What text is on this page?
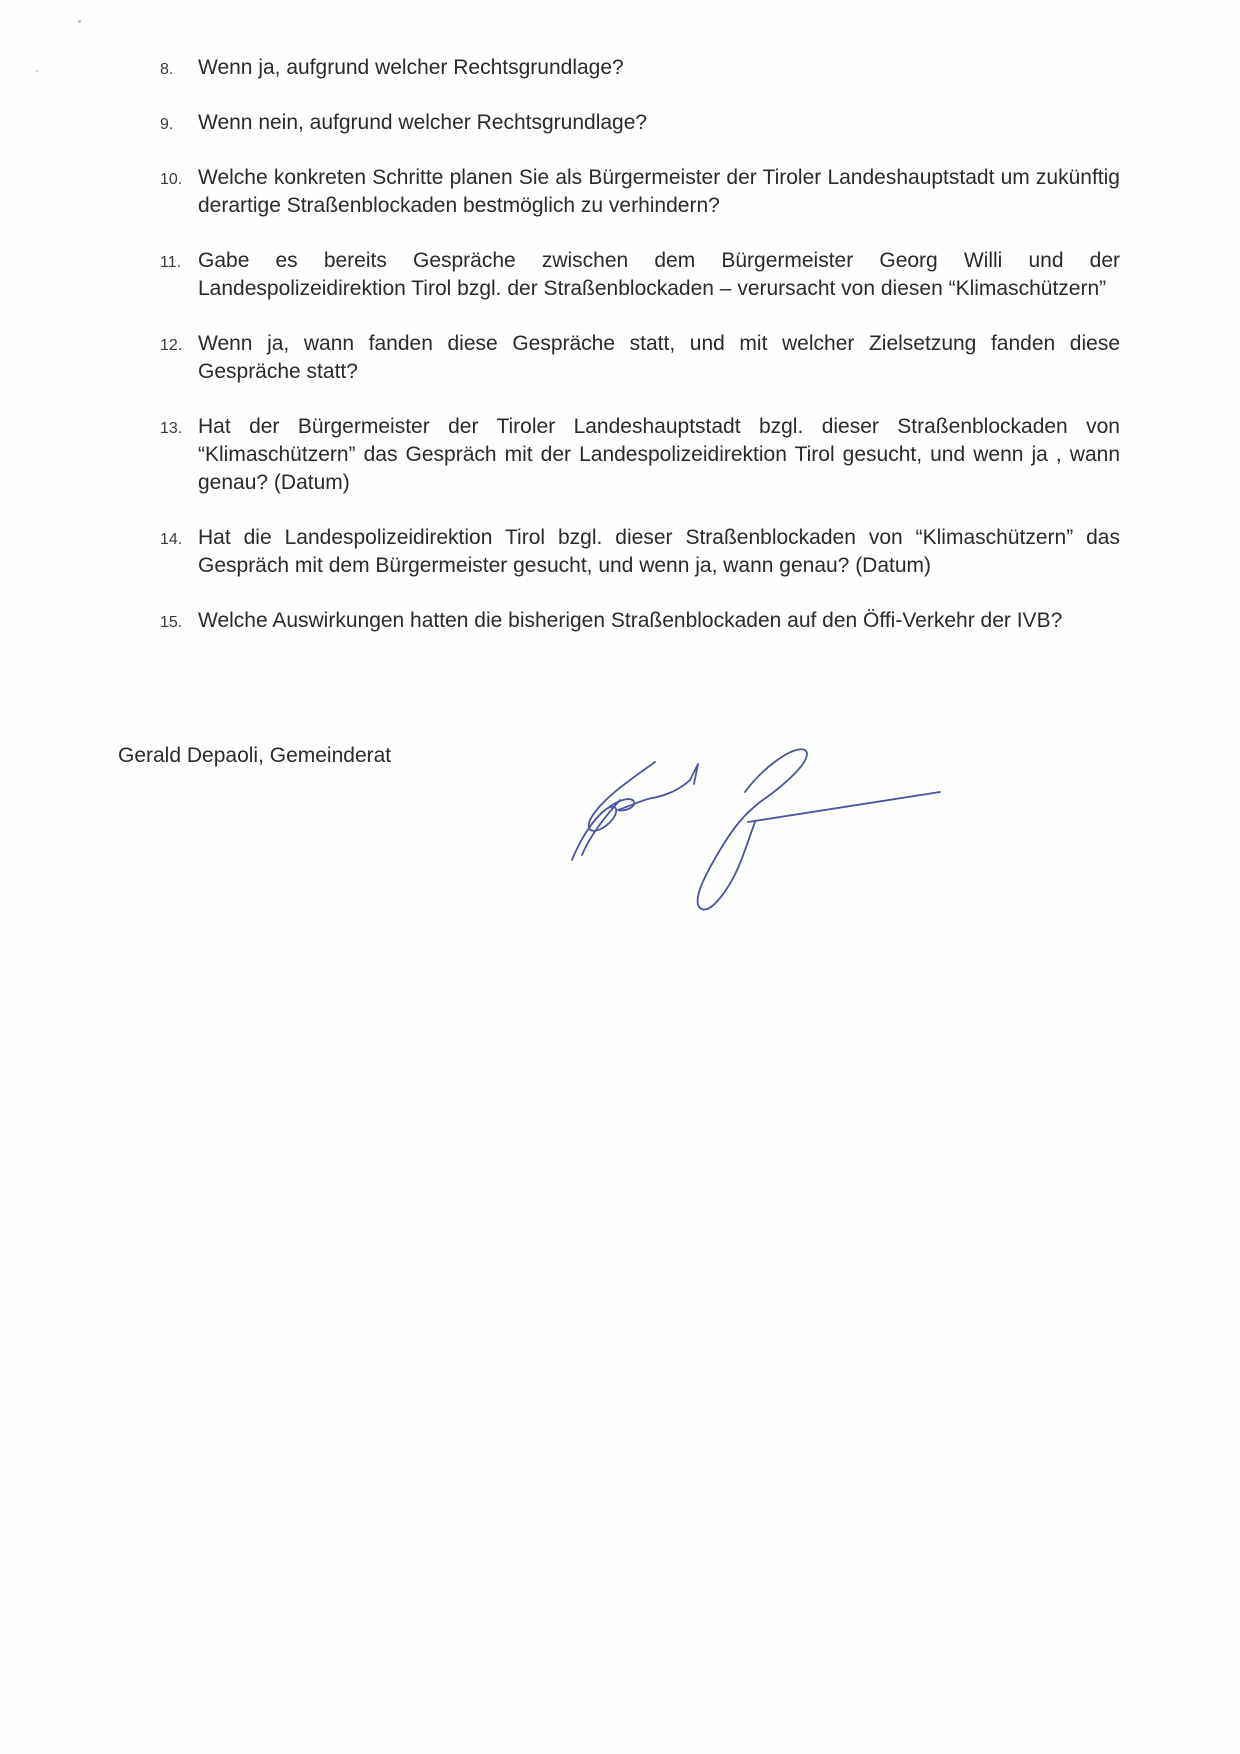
8. Wenn ja, aufgrund welcher Rechtsgrundlage?
9. Wenn nein, aufgrund welcher Rechtsgrundlage?
10. Welche konkreten Schritte planen Sie als Bürgermeister der Tiroler Landeshauptstadt um zukünftig derartige Straßenblockaden bestmöglich zu verhindern?
11. Gabe es bereits Gespräche zwischen dem Bürgermeister Georg Willi und der Landespolizeidirektion Tirol bzgl. der Straßenblockaden – verursacht von diesen “Klimaschützern”
12. Wenn ja, wann fanden diese Gespräche statt, und mit welcher Zielsetzung fanden diese Gespräche statt?
13. Hat der Bürgermeister der Tiroler Landeshauptstadt bzgl. dieser Straßenblockaden von “Klimaschützern” das Gespräch mit der Landespolizeidirektion Tirol gesucht, und wenn ja , wann genau? (Datum)
14. Hat die Landespolizeidirektion Tirol bzgl. dieser Straßenblockaden von “Klimaschützern” das Gespräch mit dem Bürgermeister gesucht, und wenn ja, wann genau? (Datum)
15. Welche Auswirkungen hatten die bisherigen Straßenblockaden auf den Öffi-Verkehr der IVB?
Gerald Depaoli, Gemeinderat
